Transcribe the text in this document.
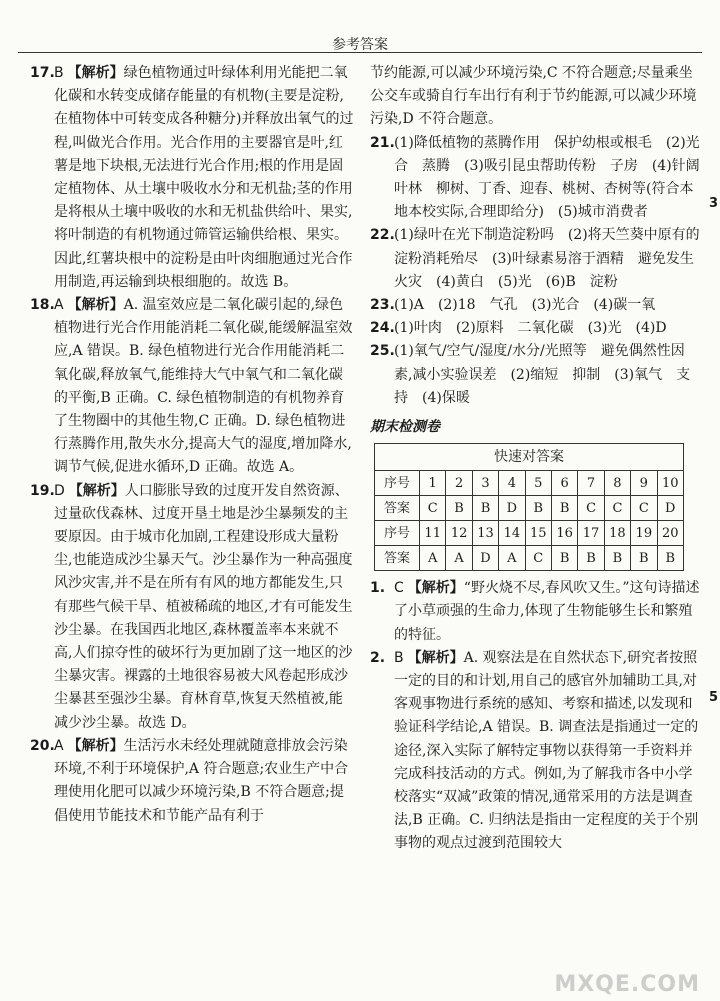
参考答案

17. B 【解析】绿色植物通过叶绿体利用光能把二氧化碳和水转变成储存能量的有机物(主要是淀粉,在植物体中可转变成各种糖分)并释放出氧气的过程,叫做光合作用。光合作用的主要器官是叶,红薯是地下块根,无法进行光合作用;根的作用是固定植物体、从土壤中吸收水分和无机盐;茎的作用是将根从土壤中吸收的水和无机盐供给叶、果实,将叶制造的有机物通过筛管运输供给根、果实。因此,红薯块根中的淀粉是由叶肉细胞通过光合作用制造,再运输到块根细胞的。故选 B。

18. A 【解析】A. 温室效应是二氧化碳引起的,绿色植物进行光合作用能消耗二氧化碳,能缓解温室效应,A 错误。B. 绿色植物进行光合作用能消耗二氧化碳,释放氧气,能维持大气中氧气和二氧化碳的平衡,B 正确。C. 绿色植物制造的有机物养育了生物圈中的其他生物,C 正确。D. 绿色植物进行蒸腾作用,散失水分,提高大气的湿度,增加降水,调节气候,促进水循环,D 正确。故选 A。

19. D 【解析】人口膨胀导致的过度开发自然资源、过量砍伐森林、过度开垦土地是沙尘暴频发的主要原因。由于城市化加剧,工程建设形成大量粉尘,也能造成沙尘暴天气。沙尘暴作为一种高强度风沙灾害,并不是在所有有风的地方都能发生,只有那些气候干旱、植被稀疏的地区,才有可能发生沙尘暴。在我国西北地区,森林覆盖率本来就不高,人们掠夺性的破坏行为更加剧了这一地区的沙尘暴灾害。裸露的土地很容易被大风卷起形成沙尘暴甚至强沙尘暴。育林育草,恢复天然植被,能减少沙尘暴。故选 D。

20. A 【解析】生活污水未经处理就随意排放会污染环境,不利于环境保护,A 符合题意;农业生产中合理使用化肥可以减少环境污染,B 不符合题意;提倡使用节能技术和节能产品有利于

节约能源,可以减少环境污染,C 不符合题意;尽量乘坐公交车或骑自行车出行有利于节约能源,可以减少环境污染,D 不符合题意。

21. (1)降低植物的蒸腾作用　保护幼根或根毛　(2)光合　蒸腾　(3)吸引昆虫帮助传粉　子房　(4)针阔叶林　柳树、丁香、迎春、桃树、杏树等(符合本地本校实际,合理即给分)　(5)城市消费者

22. (1)绿叶在光下制造淀粉吗　(2)将天竺葵中原有的淀粉消耗殆尽　(3)叶绿素易溶于酒精　避免发生火灾　(4)黄白　(5)光　(6)B　淀粉

23. (1)A　(2)18　气孔　(3)光合　(4)碳一氧

24. (1)叶肉　(2)原料　二氧化碳　(3)光　(4)D

25. (1)氧气/空气/湿度/水分/光照等　避免偶然性因素,减小实验误差　(2)缩短　抑制　(3)氧气　支持　(4)保暖

期末检测卷
快速对答案										
序号	1	2	3	4	5	6	7	8	9	10
答案	C	B	B	D	B	B	C	C	C	D
序号	11	12	13	14	15	16	17	18	19	20
答案	A	A	D	A	C	B	B	B	B	B

1. C 【解析】“野火烧不尽,春风吹又生。”这句诗描述了小草顽强的生命力,体现了生物能够生长和繁殖的特征。

2. B 【解析】A. 观察法是在自然状态下,研究者按照一定的目的和计划,用自己的感官外加辅助工具,对客观事物进行系统的感知、考察和描述,以发现和验证科学结论,A 错误。B. 调查法是指通过一定的途径,深入实际了解特定事物以获得第一手资料并完成科技活动的方式。例如,为了解我市各中小学校落实“双减”政策的情况,通常采用的方法是调查法,B 正确。C. 归纳法是指由一定程度的关于个别事物的观点过渡到范围较大

3
5
MXQE.COM
